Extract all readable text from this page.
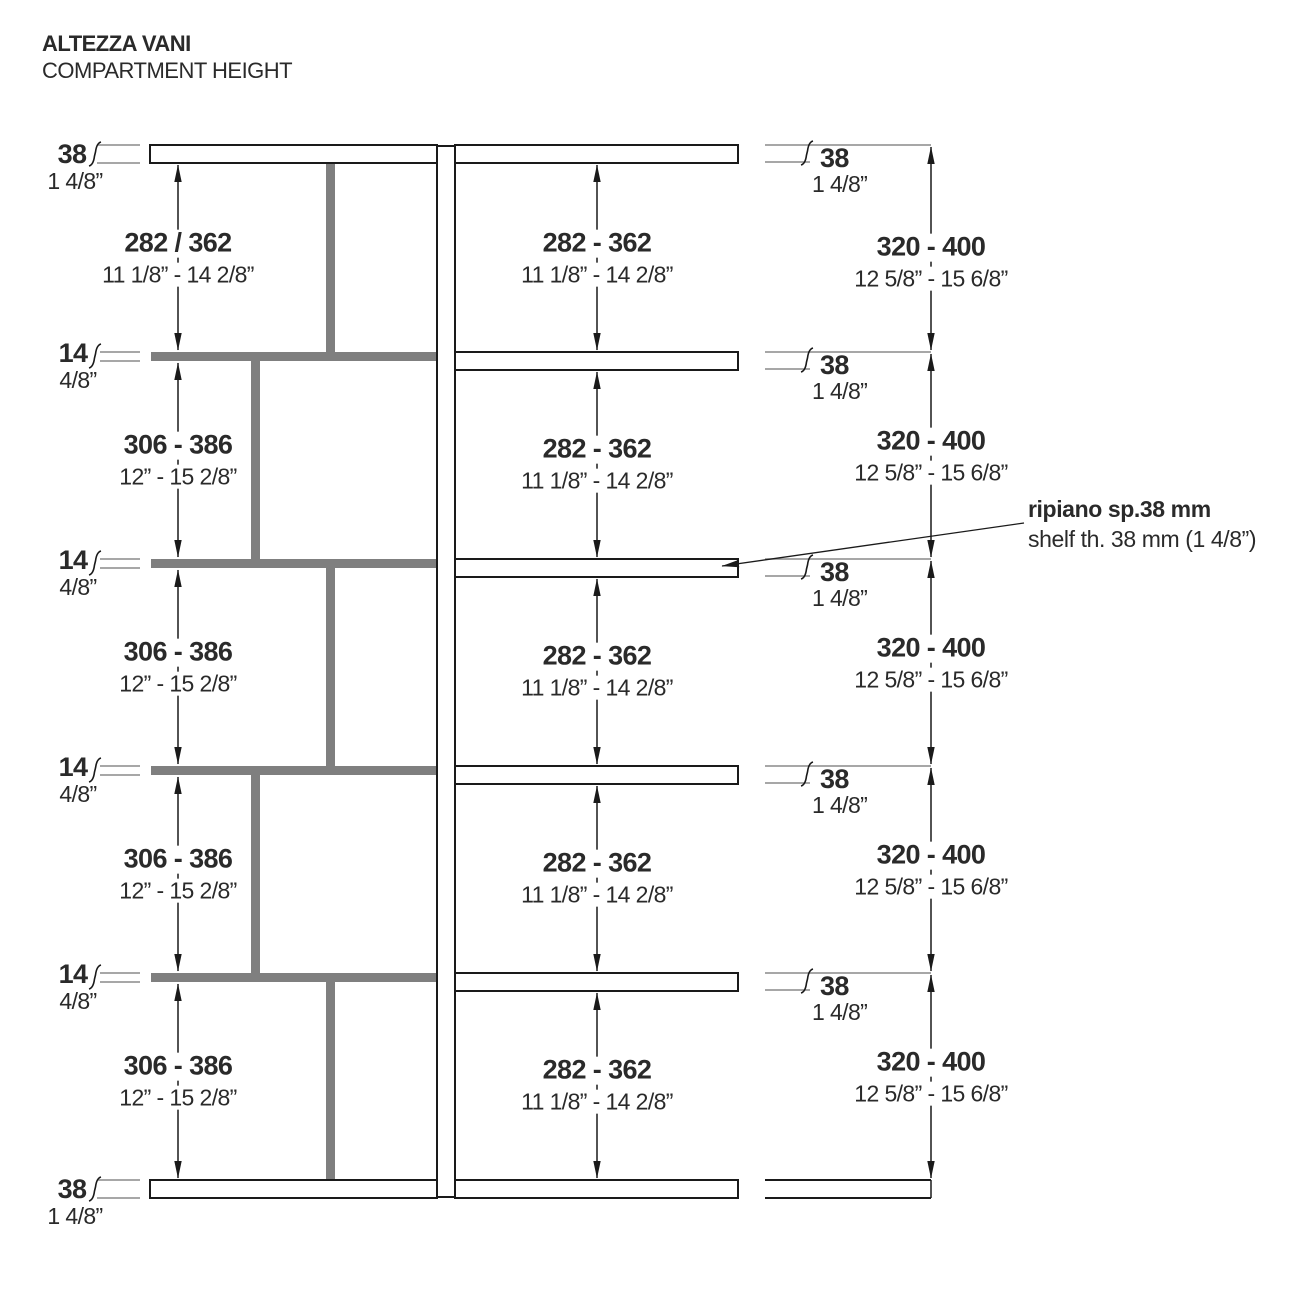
ALTEZZA VANI
COMPARTMENT HEIGHT
ripiano sp.38 mm
shelf th. 38 mm (1 4/8”)
38
1 4/8”
38
1 4/8”
14
4/8”
14
4/8”
14
4/8”
14
4/8”
38
1 4/8”
38
1 4/8”
38
1 4/8”
38
1 4/8”
38
1 4/8”
282 / 362
11 1/8” - 14 2/8”
306 - 386
12” - 15 2/8”
306 - 386
12” - 15 2/8”
306 - 386
12” - 15 2/8”
306 - 386
12” - 15 2/8”
282 - 362
11 1/8” - 14 2/8”
282 - 362
11 1/8” - 14 2/8”
282 - 362
11 1/8” - 14 2/8”
282 - 362
11 1/8” - 14 2/8”
282 - 362
11 1/8” - 14 2/8”
320 - 400
12 5/8” - 15 6/8”
320 - 400
12 5/8” - 15 6/8”
320 - 400
12 5/8” - 15 6/8”
320 - 400
12 5/8” - 15 6/8”
320 - 400
12 5/8” - 15 6/8”
